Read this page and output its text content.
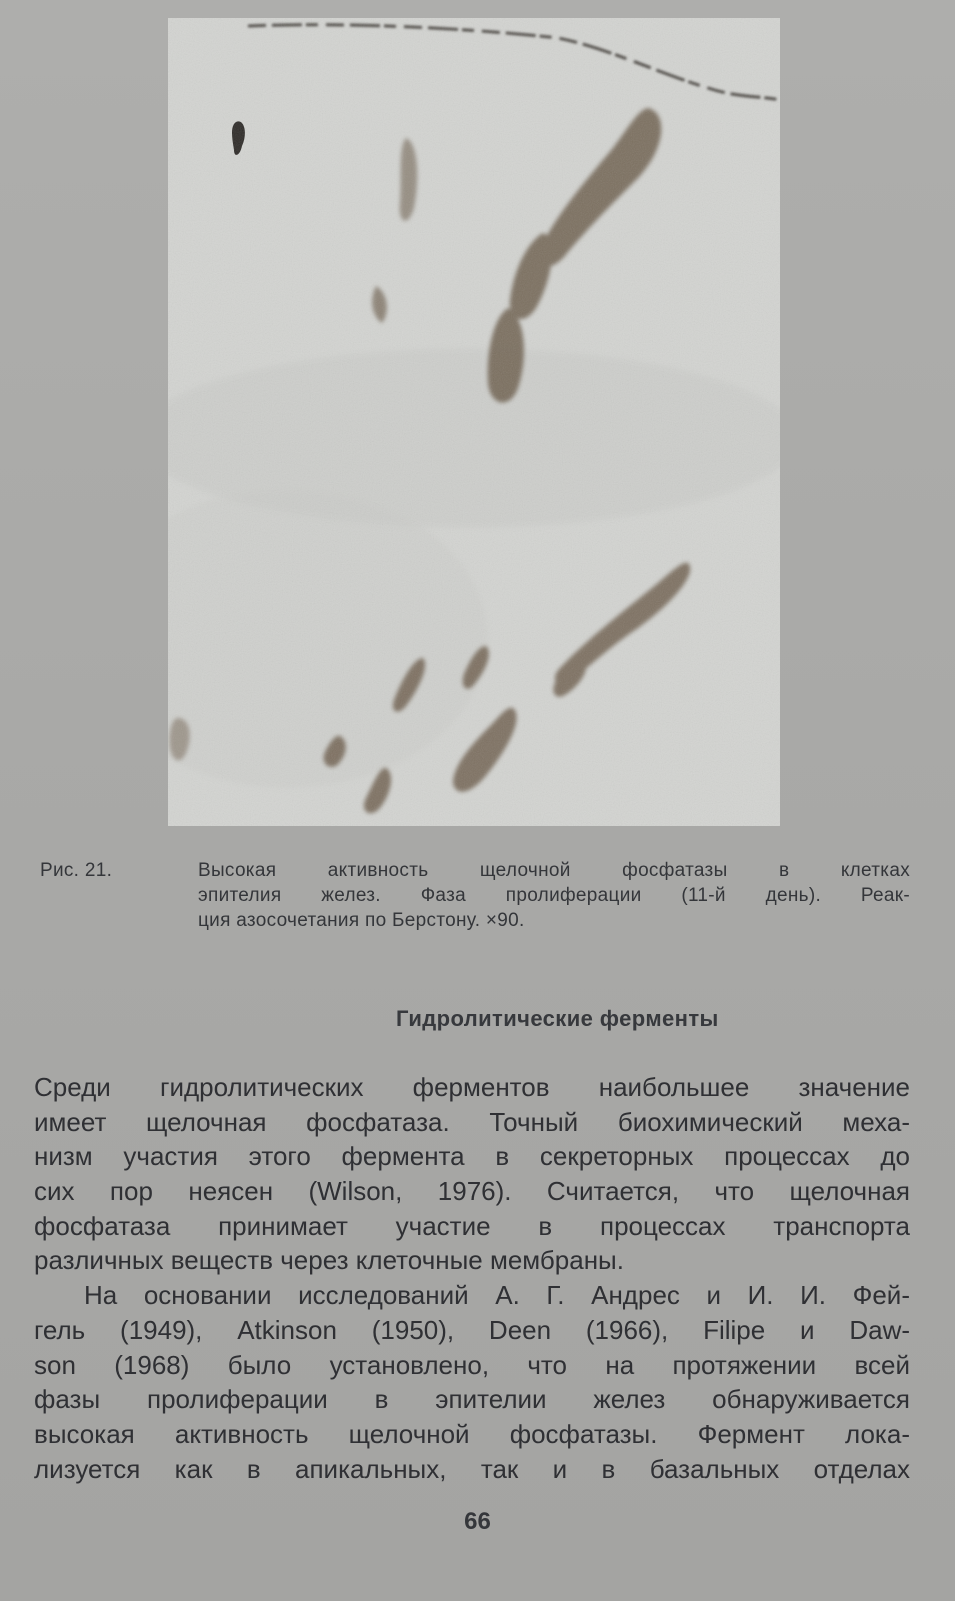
Рис. 21.	Высокая активность щелочной фосфатазы в клетках
эпителия желез. Фаза пролиферации (11-й день). Реак-
ция азосочетания по Берстону. ×90.
Гидролитические ферменты
Среди гидролитических ферментов наибольшее значение
имеет щелочная фосфатаза. Точный биохимический меха-
низм участия этого фермента в секреторных процессах до
сих пор неясен (Wilson, 1976). Считается, что щелочная
фосфатаза принимает участие в процессах транспорта
различных веществ через клеточные мембраны.
На основании исследований А. Г. Андрес и И. И. Фей-
гель (1949), Atkinson (1950), Deen (1966), Filipe и Daw-
son (1968) было установлено, что на протяжении всей
фазы пролиферации в эпителии желез обнаруживается
высокая активность щелочной фосфатазы. Фермент лока-
лизуется как в апикальных, так и в базальных отделах
66
